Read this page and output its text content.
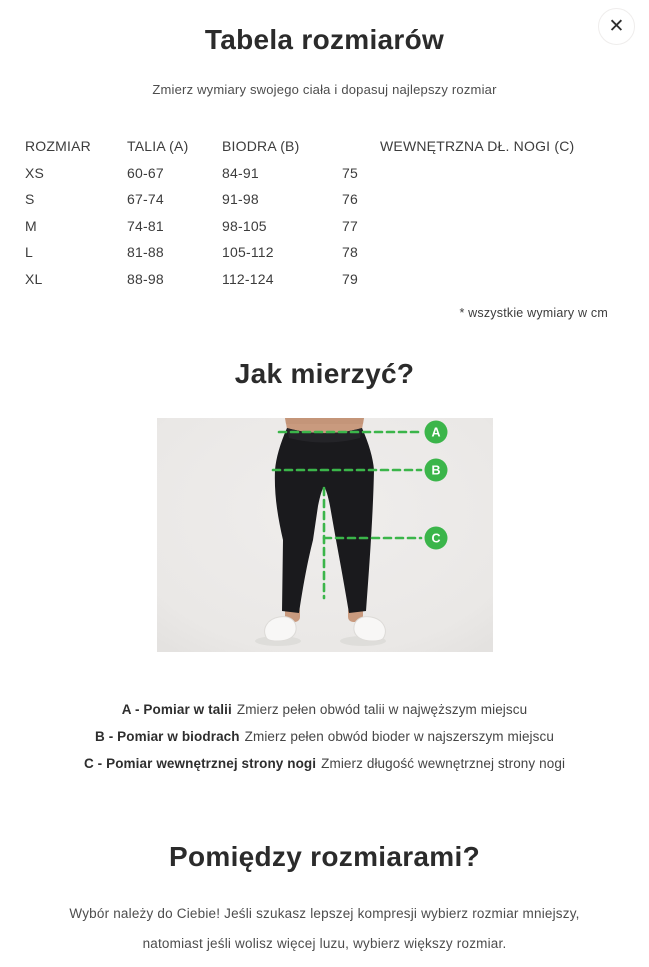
✕
Tabela rozmiarów
Zmierz wymiary swojego ciała i dopasuj najlepszy rozmiar
ROZMIAR	TALIA (A)	BIODRA (B)	WEWNĘTRZNA DŁ. NOGI (C)
XS	60-67	84-91	75
S	67-74	91-98	76
M	74-81	98-105	77
L	81-88	105-112	78
XL	88-98	112-124	79
* wszystkie wymiary w cm
Jak mierzyć?
A
B
C
A - Pomiar w talii Zmierz pełen obwód talii w najwęższym miejscu
B - Pomiar w biodrach Zmierz pełen obwód bioder w najszerszym miejscu
C - Pomiar wewnętrznej strony nogi Zmierz długość wewnętrznej strony nogi
Pomiędzy rozmiarami?

Wybór należy do Ciebie! Jeśli szukasz lepszej kompresji wybierz rozmiar mniejszy, natomiast jeśli wolisz więcej luzu, wybierz większy rozmiar.
